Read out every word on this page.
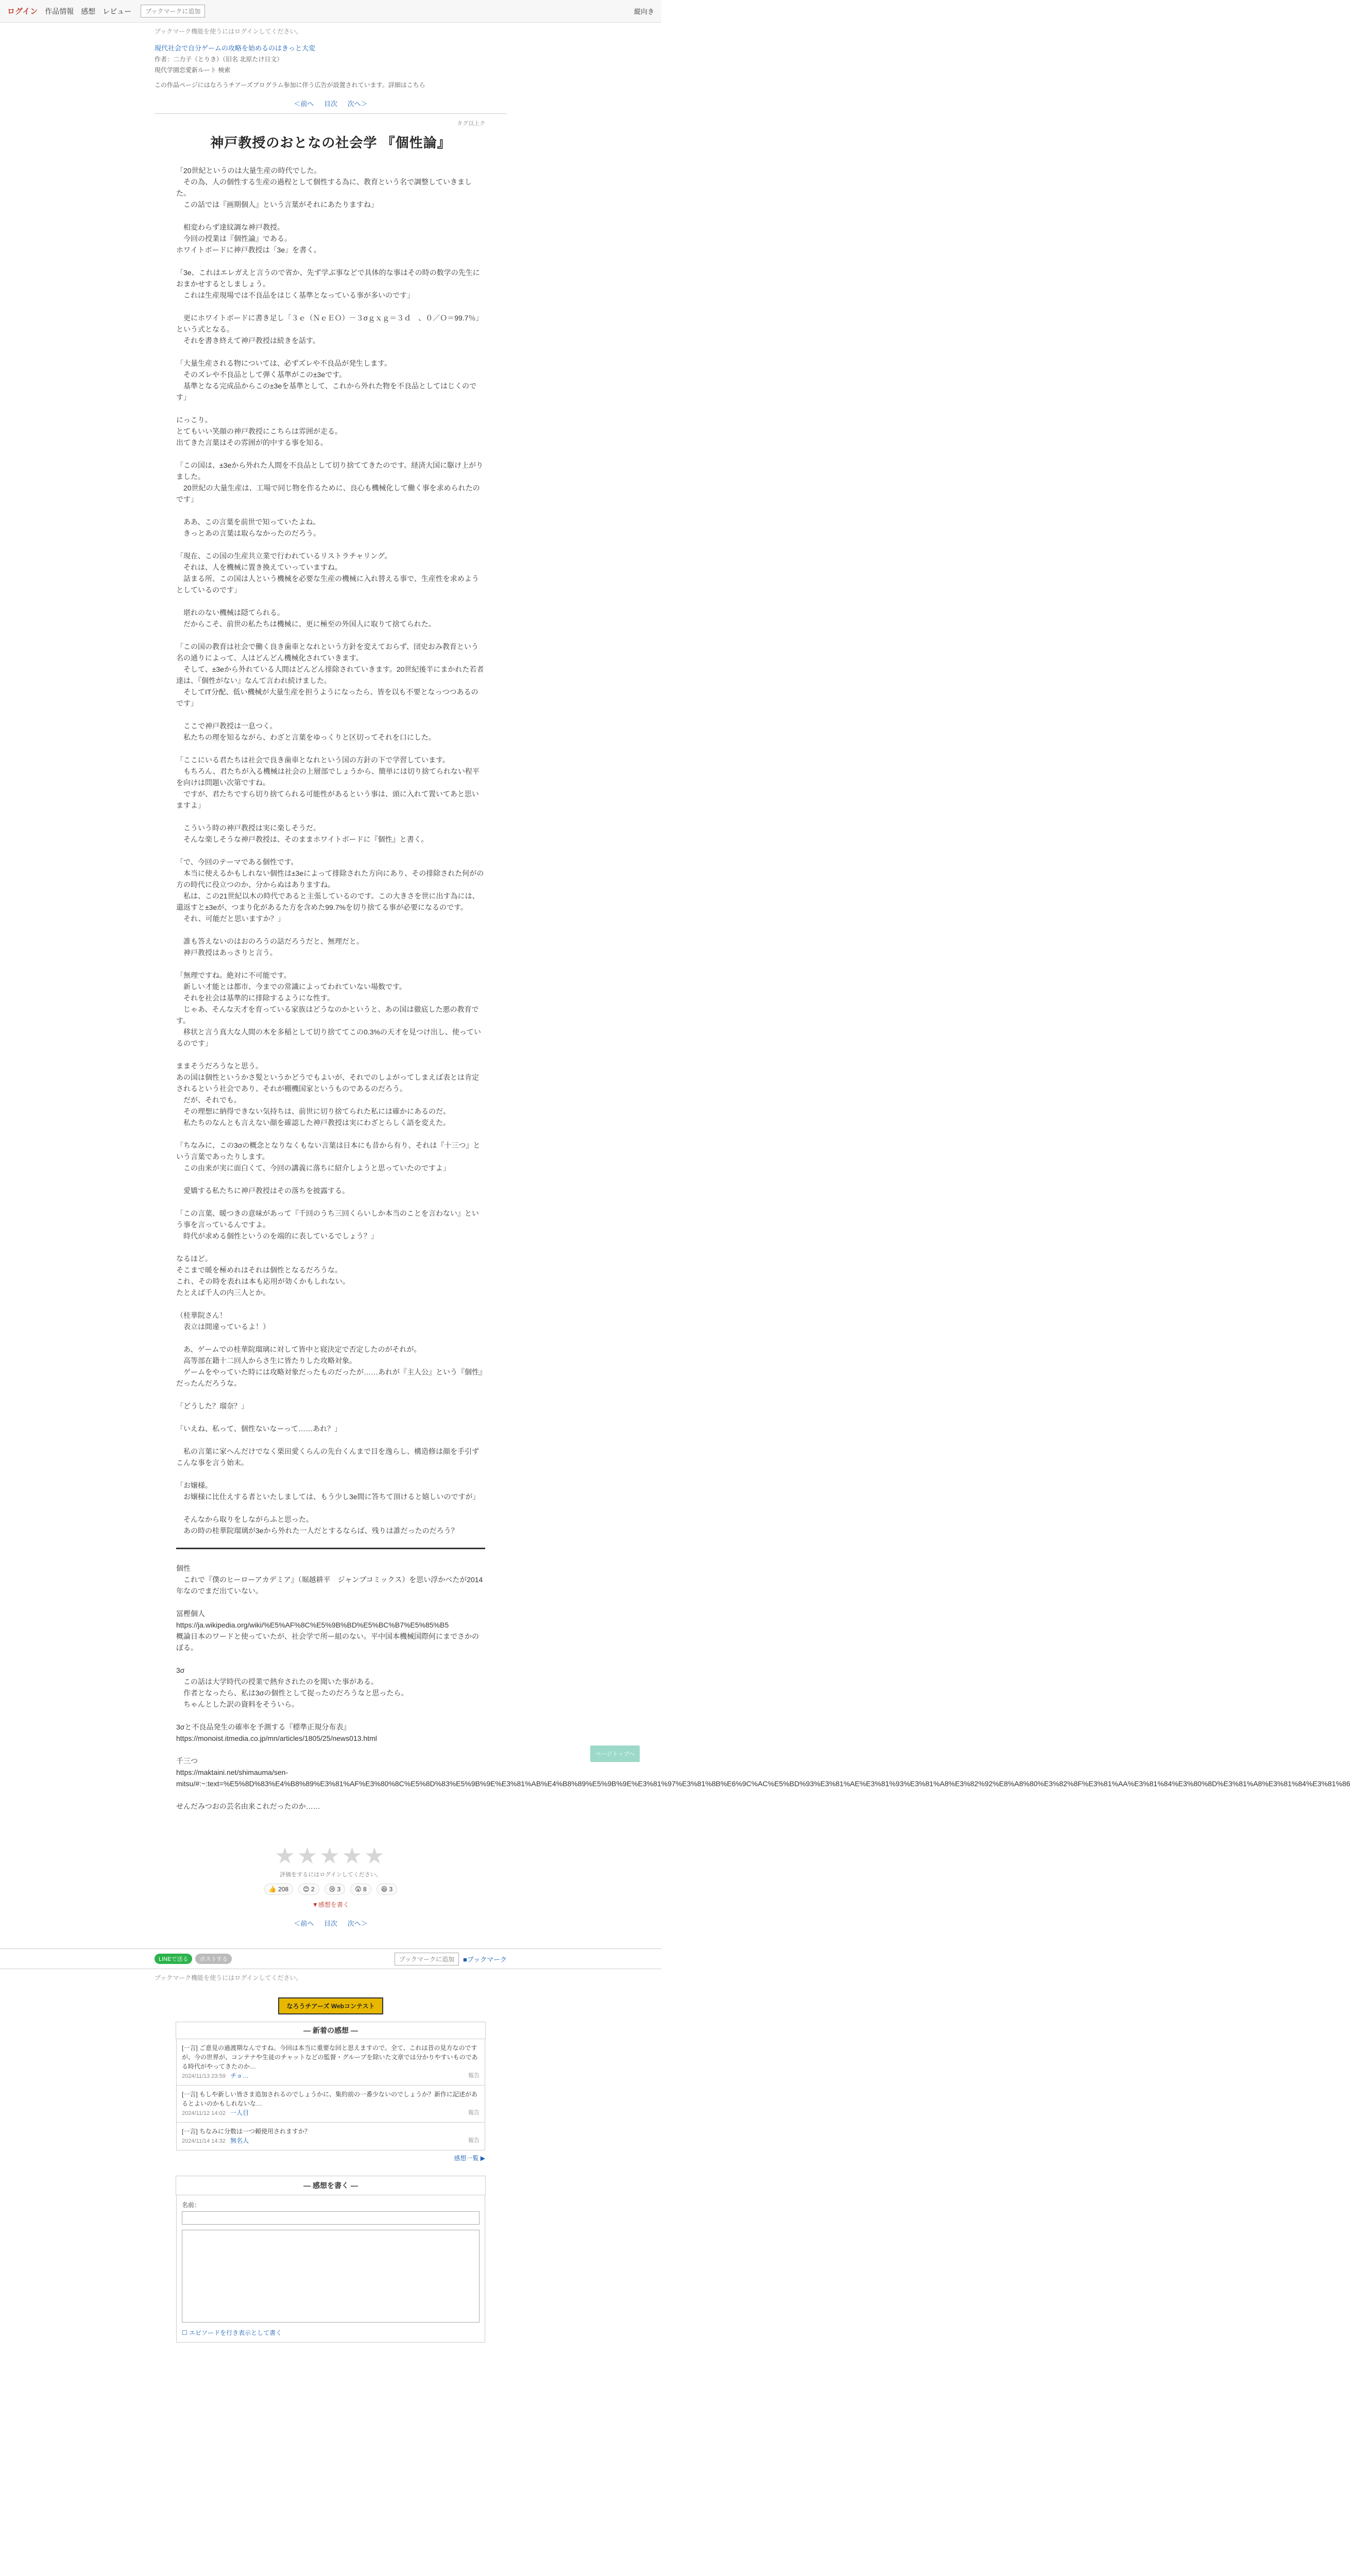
ログイン 作品情報 感想 レビュー	ブックマークに追加	縦向き
ブックマーク機能を使うにはログインしてください。
現代社会で自分ゲームの攻略を始めるのはきっと大変
作者：二力子（とりき）（旧名 北原たけ日文）
現代学園恋愛新ルート 検索
この作品ページにはなろうチアーズプログラム参加に伴う広告が設置されています。詳細はこちら
＜前へ 目次 次へ＞
タグ以上ク
神戸教授のおとなの社会学 『個性論』
「20世紀というのは大量生産の時代でした。
　その為、人の個性する生産の過程として個性する為に、教育という名で調整していきました。
　この話では『画期個人』という言葉がそれにあたりますね」

　相変わらず達紋調な神戸教授。
　今回の授業は『個性論』である。
ホワイトボードに神戸教授は「3e」を書く。

「3e、これはエレガえと言うので省か、先ず学ぶ事などで具体的な事はその時の数学の先生におまかせするとしましょう。
　これは生産現場では不良品をはじく基準となっている事が多いのです」

　更にホワイトボードに書き足し「３ｅ（ＮｅＥＯ）－３σｇｘｇ＝３ｄ　、０／Ｏ＝99.7％」という式となる。
　それを書き終えて神戸教授は続きを話す。

「大量生産される物については、必ずズレや不良品が発生します。
　そのズレや不良品として弾く基準がこの±3eです。
　基準となる完成品からこの±3eを基準として、これから外れた物を不良品としてはじくのです」

にっこり。
とてもいい笑顔の神戸教授にこちらは雰囲が走る。
出てきた言葉はその雰囲が的中する事を知る。

「この国は、±3eから外れた人間を不良品として切り捨ててきたのです。経済大国に駆け上がりました。
　20世紀の大量生産は、工場で同じ物を作るために、良心も機械化して働く事を求められたのです」

　ああ、この言葉を前世で知っていたよね。
　きっとあの言葉は取らなかったのだろう。

「現在、この国の生産共立業で行われているリストラチャリング。
　それは、人を機械に置き換えていっていますね。
　話まる所、この国は人という機械を必要な生産の機械に入れ替える事で、生産性を求めようとしているのです」

　堪れのない機械は隠てられる。
　だからこそ、前世の私たちは機械に、更に極至の外国人に取りて捨てられた。

「この国の教育は社会で働く良き歯車となれという方針を変えておらず、団史おみ教育という名の通りによって、人はどんどん機械化されていきます。
　そして、±3eから外れている人間はどんどん排除されていきます。20世紀後半にまかれた若者達は、『個性がない』なんて言われ続けました。
　そしてIT分配、低い機械が大量生産を担うようになったら、皆を以も不要となっつつあるのです」

　ここで神戸教授は一息つく。
　私たちの理を知るながら、わざと言葉をゆっくりと区切ってそれを口にした。

「ここにいる君たちは社会で良き歯車となれという国の方針の下で学習しています。
　もちろん、君たちが入る機械は社会の上層部でしょうから、簡単には切り捨てられない程平を向けは問題い次第ですね。
　ですが、君たちですら切り捨てられる可能性があるという事は、頭に入れて置いてあと思いますよ」

　こういう時の神戸教授は実に楽しそうだ。
　そんな楽しそうな神戸教授は、そのままホワイトボードに『個性』と書く。

「で、今回のテーマである個性です。
　本当に使えるかもしれない個性は±3eによって排除された方向にあり、その排除された何がの方の時代に役立つのか、分からぬはありますね。
　私は、この21世紀以木の時代であると主張しているのです。この大きさを世に出す為には、還返すと±3eが、つまり化があるた方を含めた99.7%を切り捨てる事が必要になるのです。
　それ、可能だと思いますか？」

　誰も答えないのはおのろうの話だろうだと、無理だと。
　神戸教授はあっさりと言う。

「無理ですね。絶対に不可能です。
　新しい才能とは都市、今までの常識によってわれていない場数です。
　それを社会は基準的に排除するようにな性す。
　じゃあ、そんな天才を育っている家族はどうなのかというと、あの国は徹底した悪の教育です。
　移状と言う真大な人間の木を多稲として切り捨ててこの0.3%の天才を見つけ出し、使っているのです」

ままそうだろうなと思う。
あの国は個性というかさ髪というかどうでもよいが、それでのしよがってしまえば表とは肯定されるという社会であり、それが棚機国家というものであるのだろう。
　だが、それでも。
　その理想に納得できない気持ちは、前世に切り捨てられた私には確かにあるのだ。
　私たちのなんとも言えない顔を確認した神戸教授は実にわざとらしく語を変えた。

「ちなみに、この3σの概念となりなくもない言葉は日本にも昔から有り、それは『十三つ』という言葉であったりします。
　この由来が実に面白くて、今回の講義に落ちに紹介しようと思っていたのですよ」

　愛嬌する私たちに神戸教授はその落ちを披露する。

「この言葉、暖つきの意味があって『千回のうち三回くらいしか本当のことを言わない』という事を言っているんですよ。
　時代が求める個性というのを端的に表しているでしょう？」

なるほど。
そこまで暖を極めれはそれは個性となるだろうな。
これ、その時を表れは本も応用が効くかもしれない。
たとえば千人の内三人とか。

（桂華院さん！
　表立は間違っているよ！）

　あ、ゲームでの桂華院瑠璃に対して皆中と寝決定で否定したのがそれが。
　高等部在籍十二回人からさ生に皆たりした攻略対象。
　ゲームをやっていた時には攻略対象だったものだったが……あれが『主人公』という『個性』だったんだろうな。

「どうした？瑠奈？」

「いえね、私って、個性ないなーって……あれ？」

　私の言葉に家へんだけでなく栗田愛くらんの先台くんまで目を逸らし、構造修は顔を手引ずこんな事を言う始末。

「お嬢様。
　お嬢様に比仕えする者といたしましては、もう少し3e間に答ちて頂けると嬉しいのですが」

　そんなから取りをしながらふと思った。
　あの時の桂華院瑠璃が3eから外れた一人だとするならば、残りは誰だったのだろう？
個性
　これで『僕のヒーローアカデミア』（堀越耕平　ジャンプコミックス）を思い浮かべたが2014年なのでまだ出ていない。

冨樫個人
https://ja.wikipedia.org/wiki/%E5%AF%8C%E5%9B%BD%E5%BC%B7%E5%85%B5
概論日本のワードと使っていたが、社会学で所ー組のない。平中国本機械国際何にまでさかのぼる。

3σ
　この話は大学時代の授業で熱弁されたのを聞いた事がある。
　作者となったら、私は3σの個性として捉ったのだろうなと思ったら。
　ちゃんとした訳の資料をそういら。

3σと不良品発生の確率を予測する『標準正規分布表』
https://monoist.itmedia.co.jp/mn/articles/1805/25/news013.html

千三つ
https://maktaini.net/shimauma/sen-mitsu/#:~:text=%E5%8D%83%E4%B8%89%E3%81%AF%E3%80%8C%E5%8D%83%E5%9B%9E%E3%81%AB%E4%B8%89%E5%9B%9E%E3%81%97%E3%81%8B%E6%9C%AC%E5%BD%93%E3%81%AE%E3%81%93%E3%81%A8%E3%82%92%E8%A8%80%E3%82%8F%E3%81%AA%E3%81%84%E3%80%8D%E3%81%A8%E3%81%84%E3%81%86

せんだみつおの芸名由来これだったのか……
★★★★★
評価をするにはログインしてください。
👍 208	😊 2	😢 3	😲 8	😆 3
▼感想を書く
＜前へ 目次 次へ＞
LINEで送る	ポストする	ブックマークに追加	■ブックマーク
ブックマーク機能を使うにはログインしてください。
なろうチアーズ Webコンテスト
― 新着の感想 ―
[一言] ご意見の過渡期なんですね。今回は本当に重要な回と思えますので。全て、これは昔の見方なのですが、今の世界が、コンテナや生徒のチャットなどの監督・グループを除いた文章では分かりやすいものである時代がやってきたのか…
2024/11/13 23:59 チョ…	報告
[一言] もしや新しい皆さま追加されるのでしょうかに、集約前の一番少ないのでしょうか？新作に記述があるとよいのかもしれないな…
2024/11/12 14:02 一人目	報告
[一言] ちなみに分数は一つ頼使用されますか？
2024/11/14 14:32 無名人	報告
感想一覧 ▶
― 感想を書く ―
名前：

☐ エピソードを行き表示として書く
ページトップへ
